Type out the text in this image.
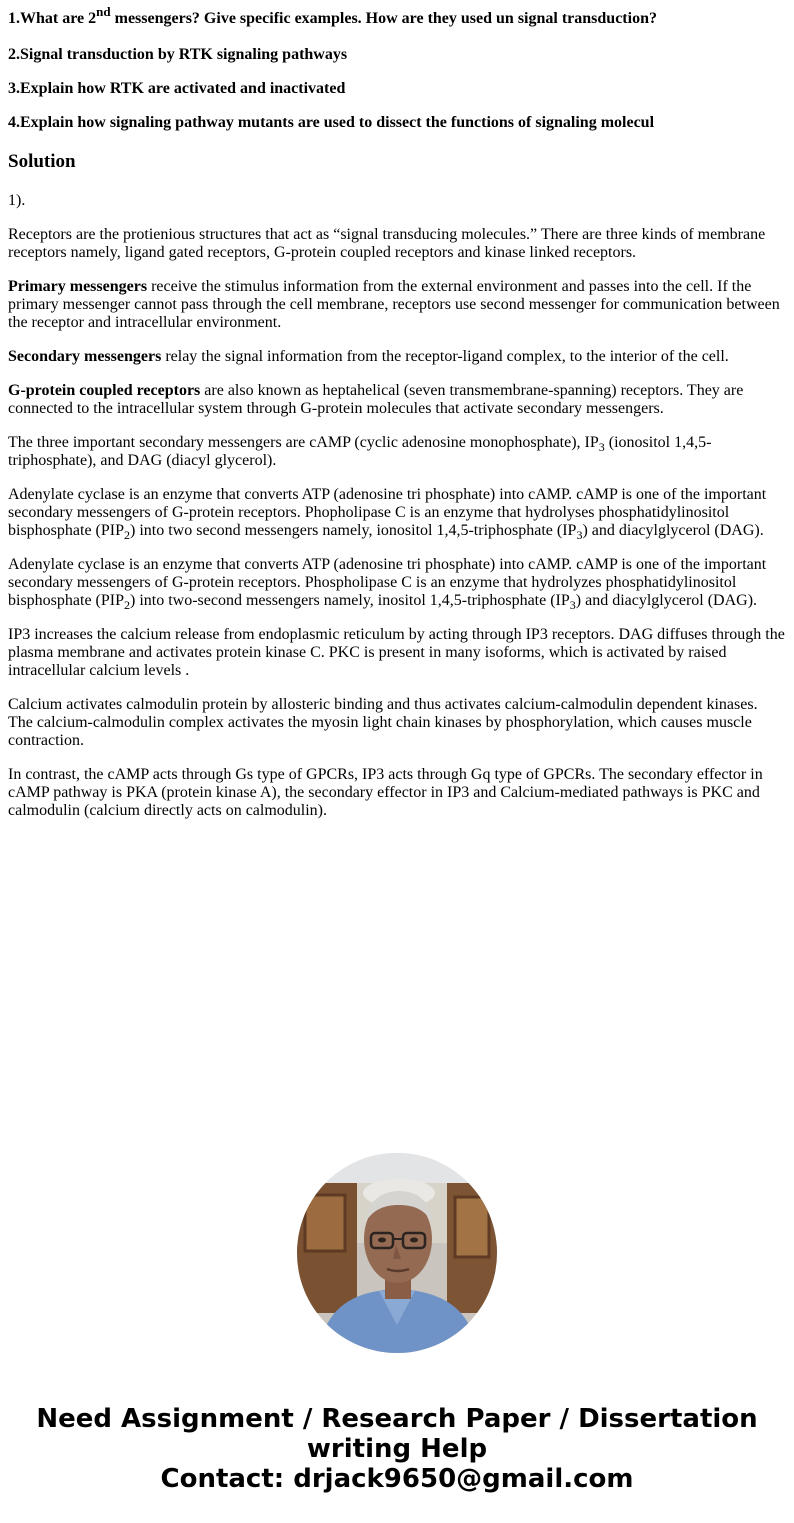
1.What are 2nd messengers? Give specific examples. How are they used un signal transduction?

2.Signal transduction by RTK signaling pathways

3.Explain how RTK are activated and inactivated

4.Explain how signaling pathway mutants are used to dissect the functions of signaling molecul

Solution

1).

Receptors are the protienious structures that act as “signal transducing molecules.” There are three kinds of membrane receptors namely, ligand gated receptors, G-protein coupled receptors and kinase linked receptors.

Primary messengers receive the stimulus information from the external environment and passes into the cell. If the primary messenger cannot pass through the cell membrane, receptors use second messenger for communication between the receptor and intracellular environment.

Secondary messengers relay the signal information from the receptor-ligand complex, to the interior of the cell.

G-protein coupled receptors are also known as heptahelical (seven transmembrane-spanning) receptors. They are connected to the intracellular system through G-protein molecules that activate secondary messengers.

The three important secondary messengers are cAMP (cyclic adenosine monophosphate), $IP_3$ (ionositol 1,4,5-triphosphate), and DAG (diacyl glycerol).

Adenylate cyclase is an enzyme that converts ATP (adenosine tri phosphate) into cAMP. cAMP is one of the important secondary messengers of G-protein receptors. Phopholipase C is an enzyme that hydrolyses phosphatidylinositol bisphosphate $(PIP_2)$ into two second messengers namely, ionositol 1,4,5-triphosphate $(IP_3)$ and diacylglycerol (DAG).

Adenylate cyclase is an enzyme that converts ATP (adenosine tri phosphate) into cAMP. cAMP is one of the important secondary messengers of G-protein receptors. Phospholipase C is an enzyme that hydrolyzes phosphatidylinositol bisphosphate $(PIP_2)$ into two-second messengers namely, inositol 1,4,5-triphosphate $(IP_3)$ and diacylglycerol (DAG).

IP3 increases the calcium release from endoplasmic reticulum by acting through IP3 receptors. DAG diffuses through the plasma membrane and activates protein kinase C. PKC is present in many isoforms, which is activated by raised intracellular calcium levels .

Calcium activates calmodulin protein by allosteric binding and thus activates calcium-calmodulin dependent kinases. The calcium-calmodulin complex activates the myosin light chain kinases by phosphorylation, which causes muscle contraction.

In contrast, the cAMP acts through Gs type of GPCRs, IP3 acts through Gq type of GPCRs. The secondary effector in cAMP pathway is PKA (protein kinase A), the secondary effector in IP3 and Calcium-mediated pathways is PKC and calmodulin (calcium directly acts on calmodulin).

Need Assignment / Research Paper / Dissertation
writing Help
Contact: drjack9650@gmail.com
